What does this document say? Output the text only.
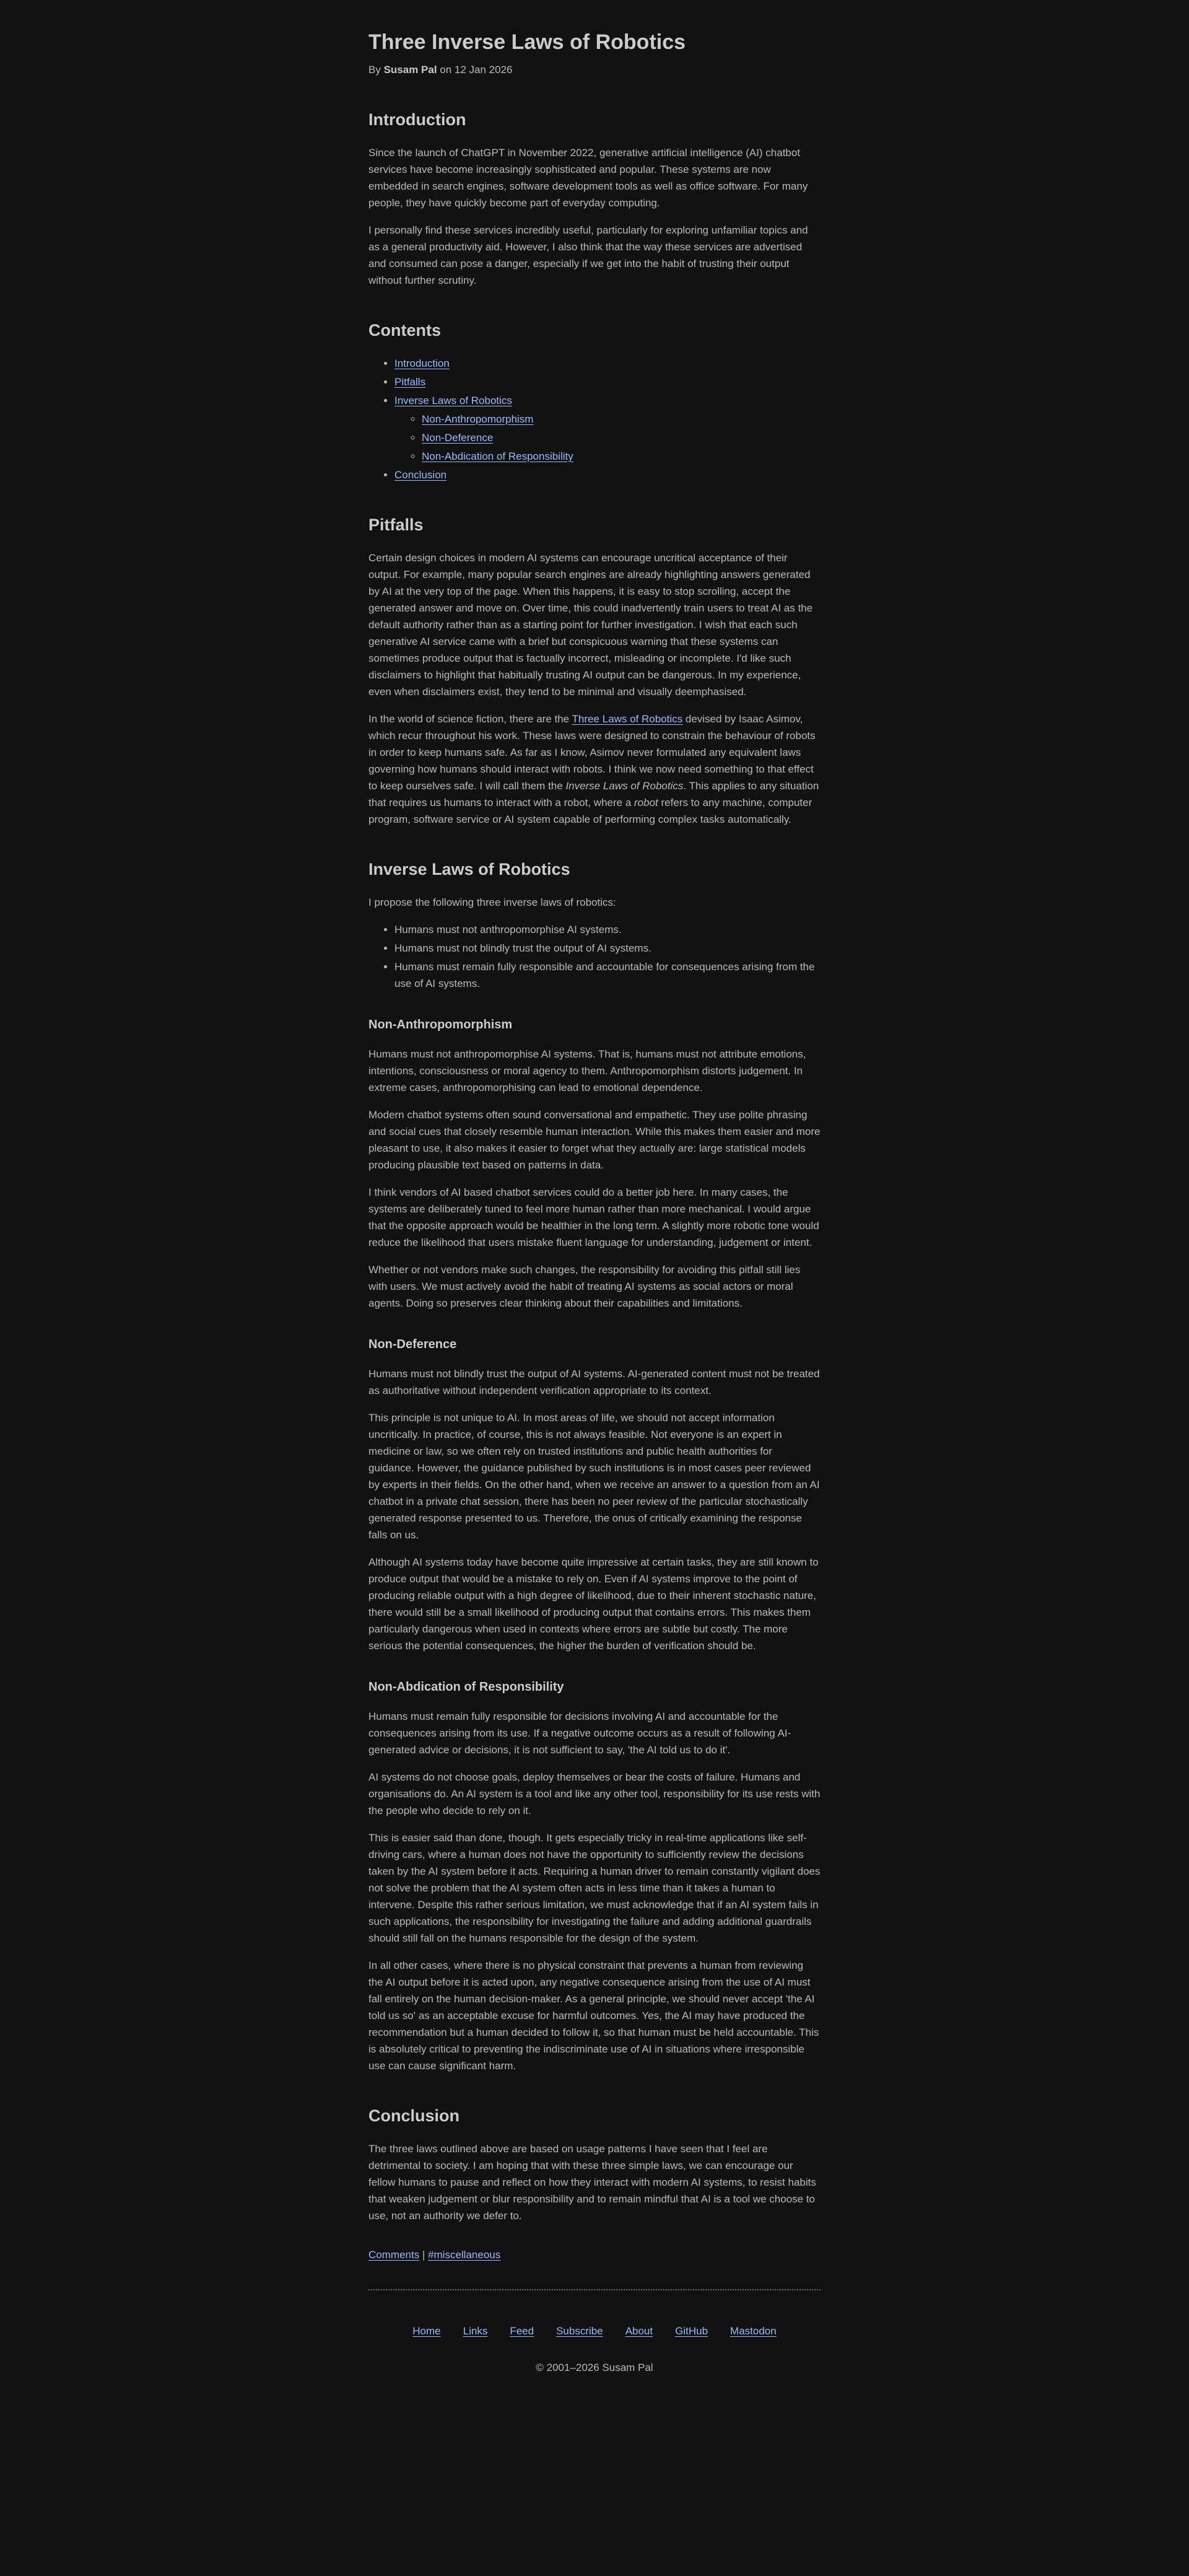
Three Inverse Laws of Robotics

By Susam Pal on 12 Jan 2026

Introduction

Since the launch of ChatGPT in November 2022, generative artificial intelligence (AI) chatbot services have become increasingly sophisticated and popular. These systems are now embedded in search engines, software development tools as well as office software. For many people, they have quickly become part of everyday computing.

I personally find these services incredibly useful, particularly for exploring unfamiliar topics and as a general productivity aid. However, I also think that the way these services are advertised and consumed can pose a danger, especially if we get into the habit of trusting their output without further scrutiny.

Contents
• Introduction
• Pitfalls
• Inverse Laws of Robotics
◦ Non-Anthropomorphism
◦ Non-Deference
◦ Non-Abdication of Responsibility
• Conclusion
Pitfalls

Certain design choices in modern AI systems can encourage uncritical acceptance of their output. For example, many popular search engines are already highlighting answers generated by AI at the very top of the page. When this happens, it is easy to stop scrolling, accept the generated answer and move on. Over time, this could inadvertently train users to treat AI as the default authority rather than as a starting point for further investigation. I wish that each such generative AI service came with a brief but conspicuous warning that these systems can sometimes produce output that is factually incorrect, misleading or incomplete. I'd like such disclaimers to highlight that habitually trusting AI output can be dangerous. In my experience, even when disclaimers exist, they tend to be minimal and visually deemphasised.

In the world of science fiction, there are the Three Laws of Robotics devised by Isaac Asimov, which recur throughout his work. These laws were designed to constrain the behaviour of robots in order to keep humans safe. As far as I know, Asimov never formulated any equivalent laws governing how humans should interact with robots. I think we now need something to that effect to keep ourselves safe. I will call them the Inverse Laws of Robotics. This applies to any situation that requires us humans to interact with a robot, where a robot refers to any machine, computer program, software service or AI system capable of performing complex tasks automatically.

Inverse Laws of Robotics

I propose the following three inverse laws of robotics:

• Humans must not anthropomorphise AI systems.
• Humans must not blindly trust the output of AI systems.
• Humans must remain fully responsible and accountable for consequences arising from the use of AI systems.
Non-Anthropomorphism

Humans must not anthropomorphise AI systems. That is, humans must not attribute emotions, intentions, consciousness or moral agency to them. Anthropomorphism distorts judgement. In extreme cases, anthropomorphising can lead to emotional dependence.

Modern chatbot systems often sound conversational and empathetic. They use polite phrasing and social cues that closely resemble human interaction. While this makes them easier and more pleasant to use, it also makes it easier to forget what they actually are: large statistical models producing plausible text based on patterns in data.

I think vendors of AI based chatbot services could do a better job here. In many cases, the systems are deliberately tuned to feel more human rather than more mechanical. I would argue that the opposite approach would be healthier in the long term. A slightly more robotic tone would reduce the likelihood that users mistake fluent language for understanding, judgement or intent.

Whether or not vendors make such changes, the responsibility for avoiding this pitfall still lies with users. We must actively avoid the habit of treating AI systems as social actors or moral agents. Doing so preserves clear thinking about their capabilities and limitations.

Non-Deference

Humans must not blindly trust the output of AI systems. AI-generated content must not be treated as authoritative without independent verification appropriate to its context.

This principle is not unique to AI. In most areas of life, we should not accept information uncritically. In practice, of course, this is not always feasible. Not everyone is an expert in medicine or law, so we often rely on trusted institutions and public health authorities for guidance. However, the guidance published by such institutions is in most cases peer reviewed by experts in their fields. On the other hand, when we receive an answer to a question from an AI chatbot in a private chat session, there has been no peer review of the particular stochastically generated response presented to us. Therefore, the onus of critically examining the response falls on us.

Although AI systems today have become quite impressive at certain tasks, they are still known to produce output that would be a mistake to rely on. Even if AI systems improve to the point of producing reliable output with a high degree of likelihood, due to their inherent stochastic nature, there would still be a small likelihood of producing output that contains errors. This makes them particularly dangerous when used in contexts where errors are subtle but costly. The more serious the potential consequences, the higher the burden of verification should be.

Non-Abdication of Responsibility

Humans must remain fully responsible for decisions involving AI and accountable for the consequences arising from its use. If a negative outcome occurs as a result of following AI-generated advice or decisions, it is not sufficient to say, 'the AI told us to do it'.

AI systems do not choose goals, deploy themselves or bear the costs of failure. Humans and organisations do. An AI system is a tool and like any other tool, responsibility for its use rests with the people who decide to rely on it.

This is easier said than done, though. It gets especially tricky in real-time applications like self-driving cars, where a human does not have the opportunity to sufficiently review the decisions taken by the AI system before it acts. Requiring a human driver to remain constantly vigilant does not solve the problem that the AI system often acts in less time than it takes a human to intervene. Despite this rather serious limitation, we must acknowledge that if an AI system fails in such applications, the responsibility for investigating the failure and adding additional guardrails should still fall on the humans responsible for the design of the system.

In all other cases, where there is no physical constraint that prevents a human from reviewing the AI output before it is acted upon, any negative consequence arising from the use of AI must fall entirely on the human decision-maker. As a general principle, we should never accept 'the AI told us so' as an acceptable excuse for harmful outcomes. Yes, the AI may have produced the recommendation but a human decided to follow it, so that human must be held accountable. This is absolutely critical to preventing the indiscriminate use of AI in situations where irresponsible use can cause significant harm.

Conclusion

The three laws outlined above are based on usage patterns I have seen that I feel are detrimental to society. I am hoping that with these three simple laws, we can encourage our fellow humans to pause and reflect on how they interact with modern AI systems, to resist habits that weaken judgement or blur responsibility and to remain mindful that AI is a tool we choose to use, not an authority we defer to.

Comments | #miscellaneous

Home Links Feed Subscribe About GitHub Mastodon

© 2001–2026 Susam Pal
